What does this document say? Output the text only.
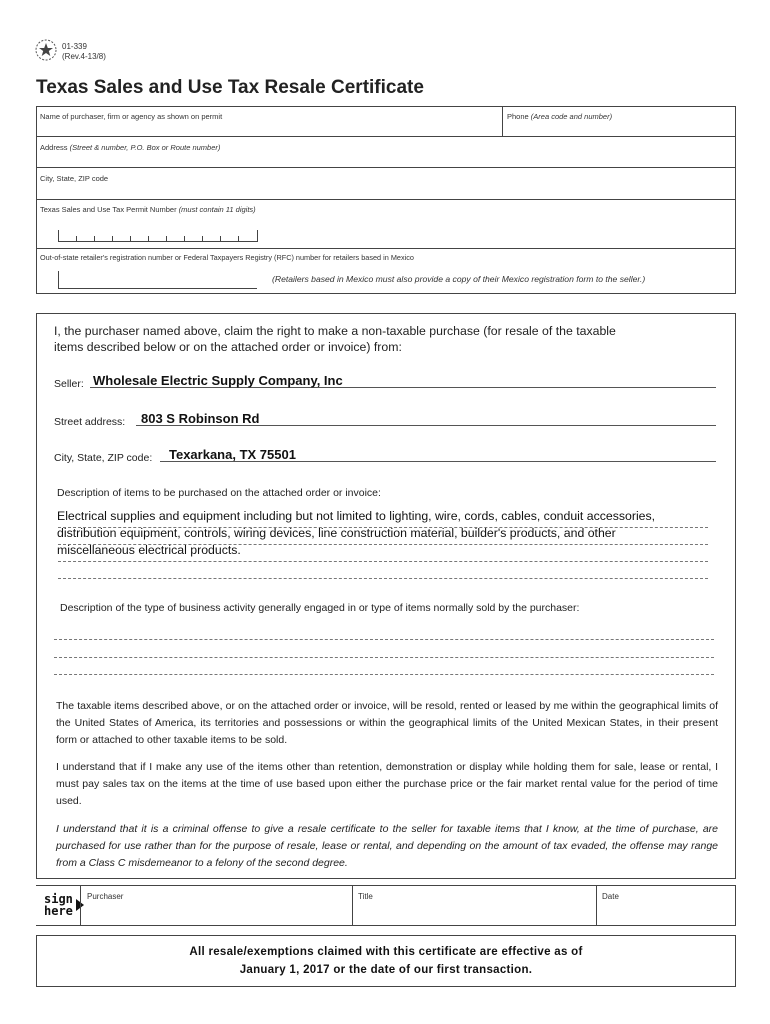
01-339
(Rev.4-13/8)
Texas Sales and Use Tax Resale Certificate
Name of purchaser, firm or agency as shown on permit	Phone (Area code and number)
Address (Street & number, P.O. Box or Route number)
City, State, ZIP code
Texas Sales and Use Tax Permit Number (must contain 11 digits)
Out-of-state retailer's registration number or Federal Taxpayers Registry (RFC) number for retailers based in Mexico
(Retailers based in Mexico must also provide a copy of their Mexico registration form to the seller.)
I, the purchaser named above, claim the right to make a non-taxable purchase (for resale of the taxable
items described below or on the attached order or invoice) from:
Seller: Wholesale Electric Supply Company, Inc
Street address: 803 S Robinson Rd
City, State, ZIP code: Texarkana, TX 75501
Description of items to be purchased on the attached order or invoice:
Electrical supplies and equipment including but not limited to lighting, wire, cords, cables, conduit accessories,
distribution equipment, controls, wiring devices, line construction material, builder's products, and other
miscellaneous electrical products.
Description of the type of business activity generally engaged in or type of items normally sold by the purchaser:
The taxable items described above, or on the attached order or invoice, will be resold, rented or leased by me within the geographical limits of the United States of America, its territories and possessions or within the geographical limits of the United Mexican States, in their present form or attached to other taxable items to be sold.
I understand that if I make any use of the items other than retention, demonstration or display while holding them for sale, lease or rental, I must pay sales tax on the items at the time of use based upon either the purchase price or the fair market rental value for the period of time used.
I understand that it is a criminal offense to give a resale certificate to the seller for taxable items that I know, at the time of purchase, are purchased for use rather than for the purpose of resale, lease or rental, and depending on the amount of tax evaded, the offense may range from a Class C misdemeanor to a felony of the second degree.
sign
here
Purchaser	Title	Date
All resale/exemptions claimed with this certificate are effective as of
January 1, 2017 or the date of our first transaction.
